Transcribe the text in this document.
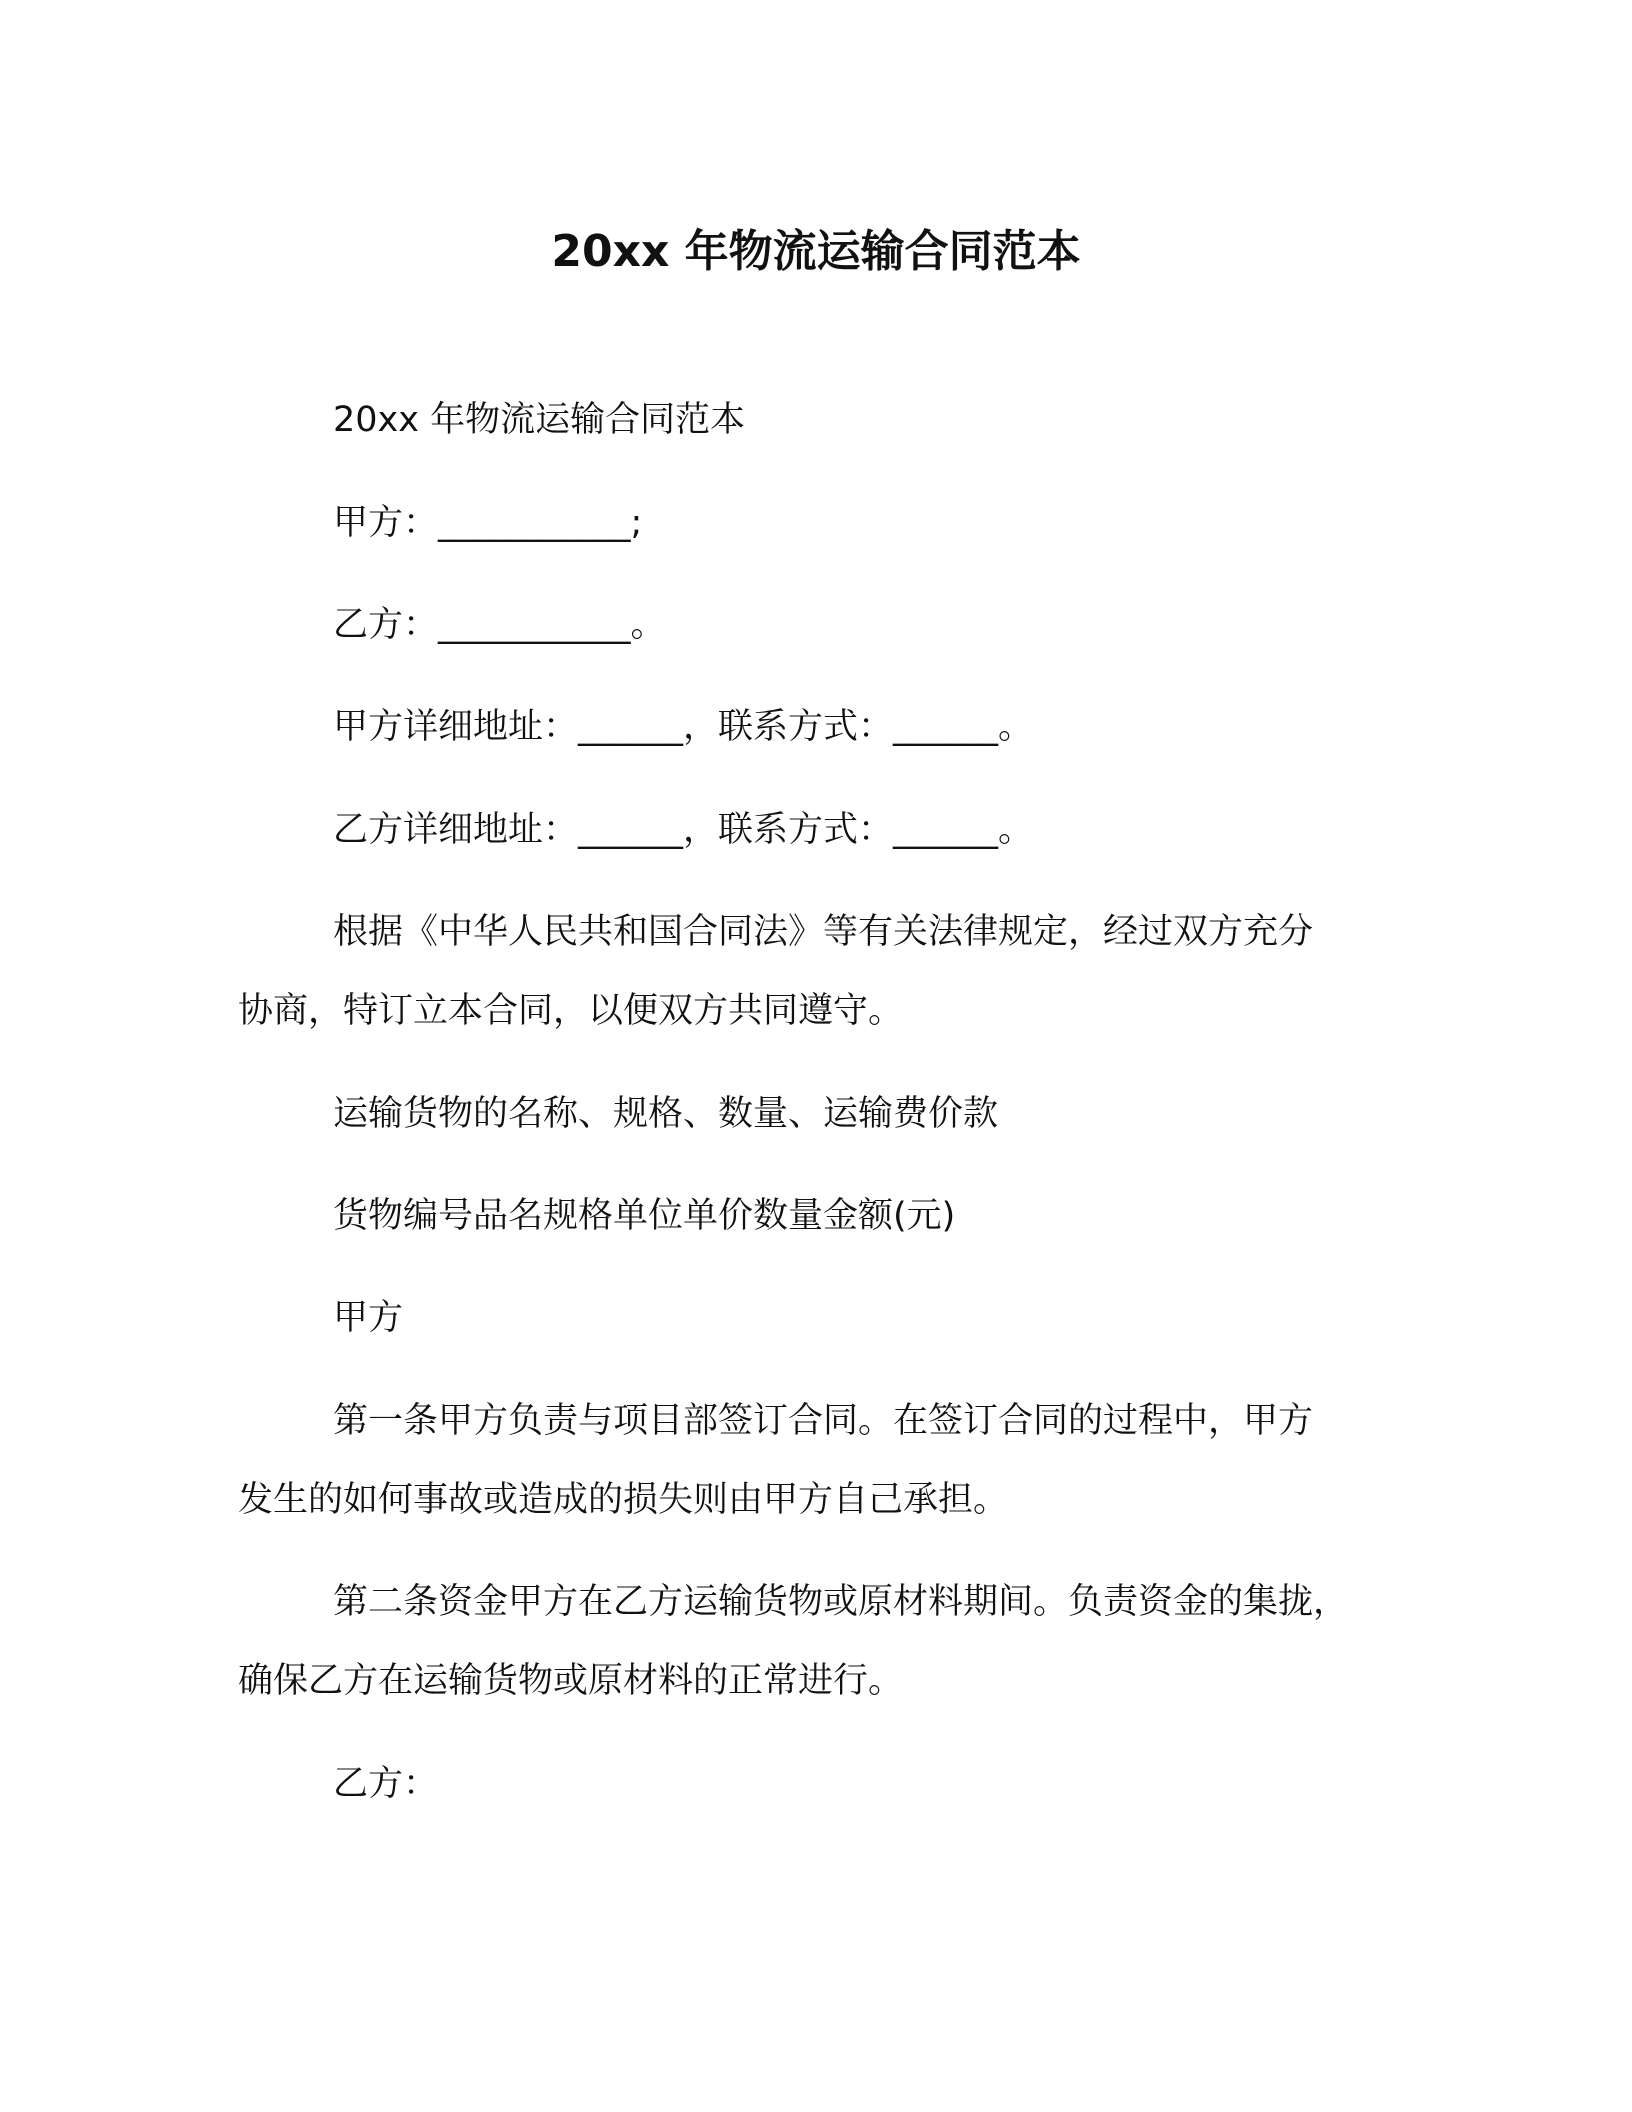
20xx 年物流运输合同范本
20xx 年物流运输合同范本
甲方：___________;
乙方：___________。
甲方详细地址：______，联系方式：______。
乙方详细地址：______，联系方式：______。
根据《中华人民共和国合同法》等有关法律规定，经过双方充分
协商，特订立本合同，以便双方共同遵守。
运输货物的名称、规格、数量、运输费价款
货物编号品名规格单位单价数量金额(元)
甲方
第一条甲方负责与项目部签订合同。在签订合同的过程中，甲方
发生的如何事故或造成的损失则由甲方自己承担。
第二条资金甲方在乙方运输货物或原材料期间。负责资金的集拢，
确保乙方在运输货物或原材料的正常进行。
乙方：
